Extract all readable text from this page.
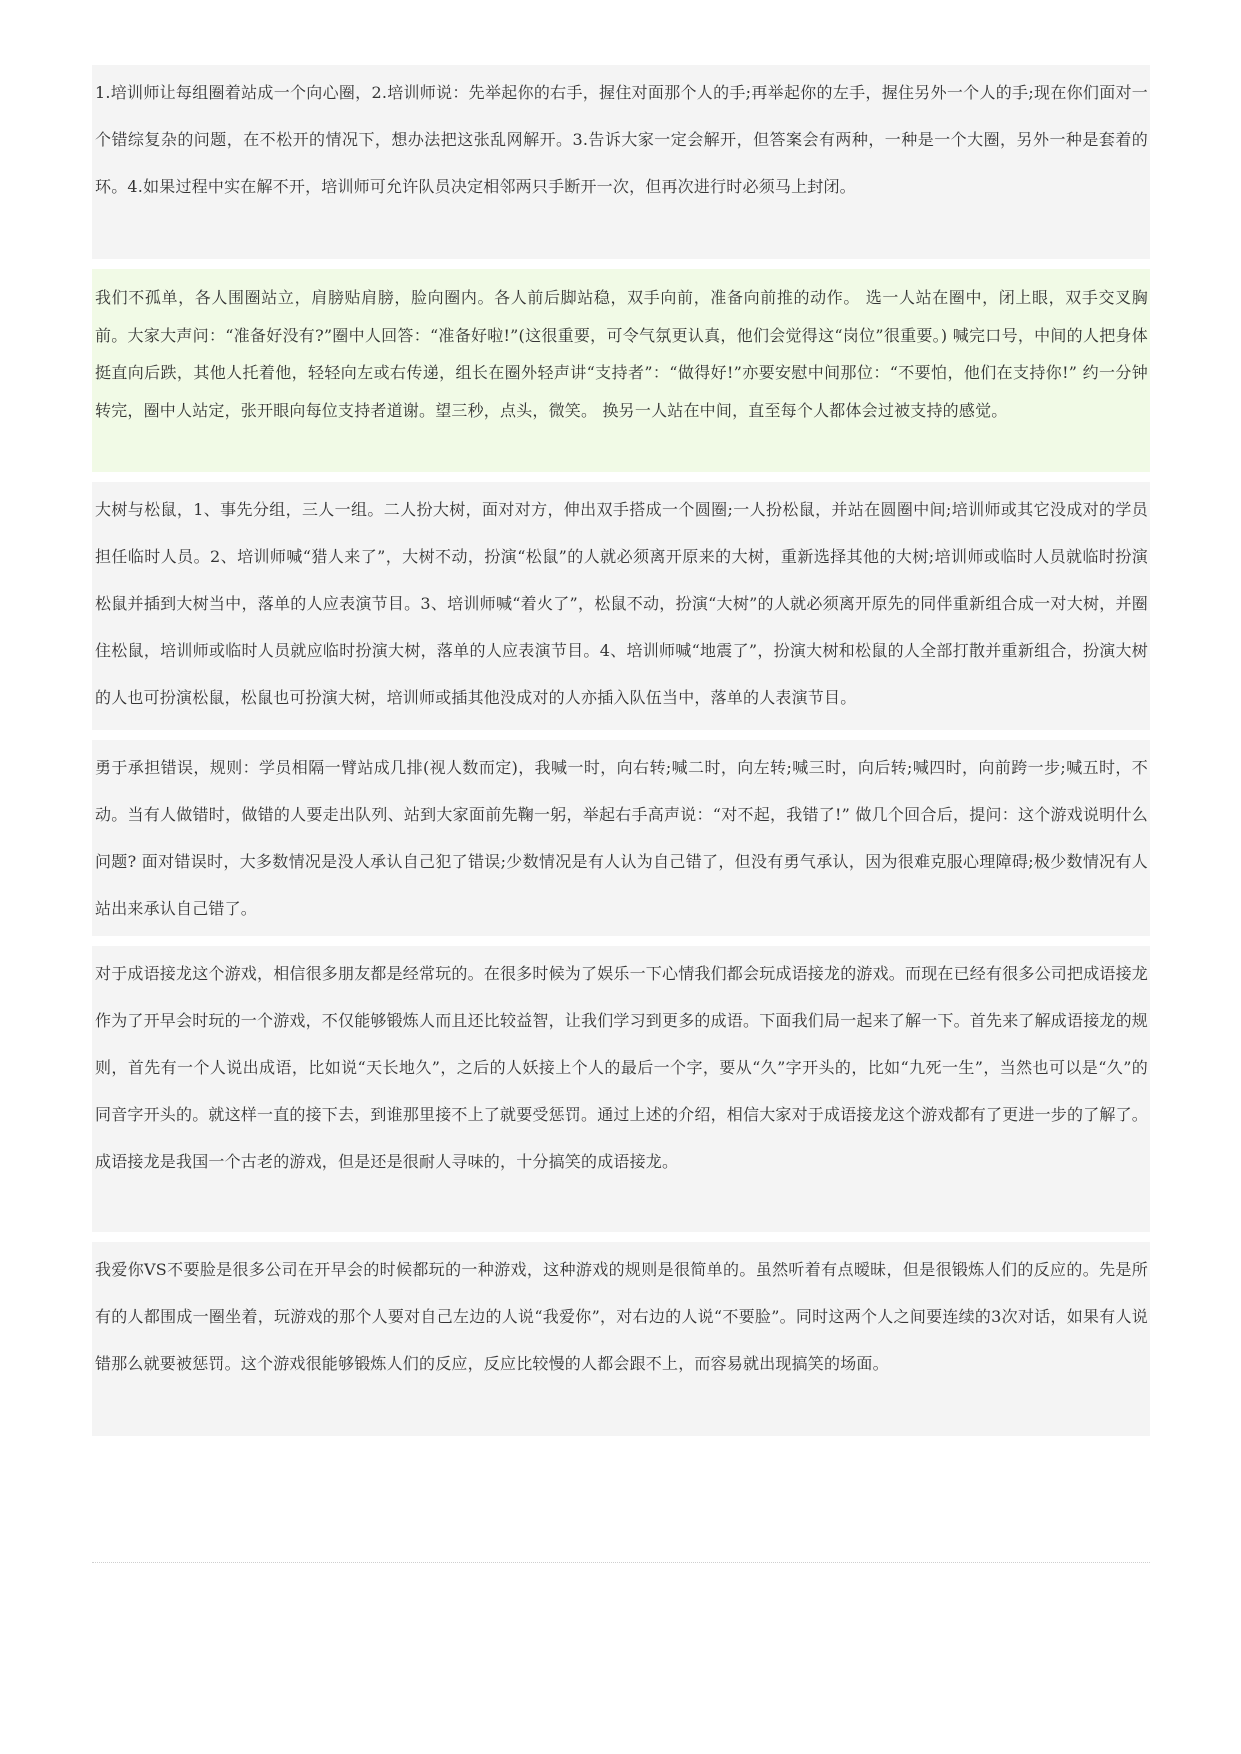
1.培训师让每组圈着站成一个向心圈，2.培训师说：先举起你的右手，握住对面那个人的手;再举起你的左手，握住另外一个人的手;现在你们面对一个错综复杂的问题，在不松开的情况下，想办法把这张乱网解开。3.告诉大家一定会解开，但答案会有两种，一种是一个大圈，另外一种是套着的环。4.如果过程中实在解不开，培训师可允许队员决定相邻两只手断开一次，但再次进行时必须马上封闭。

我们不孤单，各人围圈站立，肩膀贴肩膀，脸向圈内。各人前后脚站稳，双手向前，准备向前推的动作。 选一人站在圈中，闭上眼，双手交叉胸前。大家大声问：“准备好没有?”圈中人回答：“准备好啦!”(这很重要，可令气氛更认真，他们会觉得这“岗位”很重要。) 喊完口号，中间的人把身体挺直向后跌，其他人托着他，轻轻向左或右传递，组长在圈外轻声讲“支持者”：“做得好!”亦要安慰中间那位：“不要怕，他们在支持你!” 约一分钟转完，圈中人站定，张开眼向每位支持者道谢。望三秒，点头，微笑。 换另一人站在中间，直至每个人都体会过被支持的感觉。

大树与松鼠，1、事先分组，三人一组。二人扮大树，面对对方，伸出双手搭成一个圆圈;一人扮松鼠，并站在圆圈中间;培训师或其它没成对的学员担任临时人员。2、培训师喊“猎人来了”，大树不动，扮演“松鼠”的人就必须离开原来的大树，重新选择其他的大树;培训师或临时人员就临时扮演松鼠并插到大树当中，落单的人应表演节目。3、培训师喊“着火了”，松鼠不动，扮演“大树”的人就必须离开原先的同伴重新组合成一对大树，并圈住松鼠，培训师或临时人员就应临时扮演大树，落单的人应表演节目。4、培训师喊“地震了”，扮演大树和松鼠的人全部打散并重新组合，扮演大树的人也可扮演松鼠，松鼠也可扮演大树，培训师或插其他没成对的人亦插入队伍当中，落单的人表演节目。

勇于承担错误，规则：学员相隔一臂站成几排(视人数而定)，我喊一时，向右转;喊二时，向左转;喊三时，向后转;喊四时，向前跨一步;喊五时，不动。当有人做错时，做错的人要走出队列、站到大家面前先鞠一躬，举起右手高声说：“对不起，我错了!” 做几个回合后，提问：这个游戏说明什么问题? 面对错误时，大多数情况是没人承认自己犯了错误;少数情况是有人认为自己错了，但没有勇气承认，因为很难克服心理障碍;极少数情况有人站出来承认自己错了。

对于成语接龙这个游戏，相信很多朋友都是经常玩的。在很多时候为了娱乐一下心情我们都会玩成语接龙的游戏。而现在已经有很多公司把成语接龙作为了开早会时玩的一个游戏，不仅能够锻炼人而且还比较益智，让我们学习到更多的成语。下面我们局一起来了解一下。首先来了解成语接龙的规则，首先有一个人说出成语，比如说“天长地久”，之后的人妖接上个人的最后一个字，要从“久”字开头的，比如“九死一生”，当然也可以是“久”的同音字开头的。就这样一直的接下去，到谁那里接不上了就要受惩罚。通过上述的介绍，相信大家对于成语接龙这个游戏都有了更进一步的了解了。成语接龙是我国一个古老的游戏，但是还是很耐人寻味的，十分搞笑的成语接龙。

我爱你VS不要脸是很多公司在开早会的时候都玩的一种游戏，这种游戏的规则是很简单的。虽然听着有点暧昧，但是很锻炼人们的反应的。先是所有的人都围成一圈坐着，玩游戏的那个人要对自己左边的人说“我爱你”，对右边的人说“不要脸”。同时这两个人之间要连续的3次对话，如果有人说错那么就要被惩罚。这个游戏很能够锻炼人们的反应，反应比较慢的人都会跟不上，而容易就出现搞笑的场面。
